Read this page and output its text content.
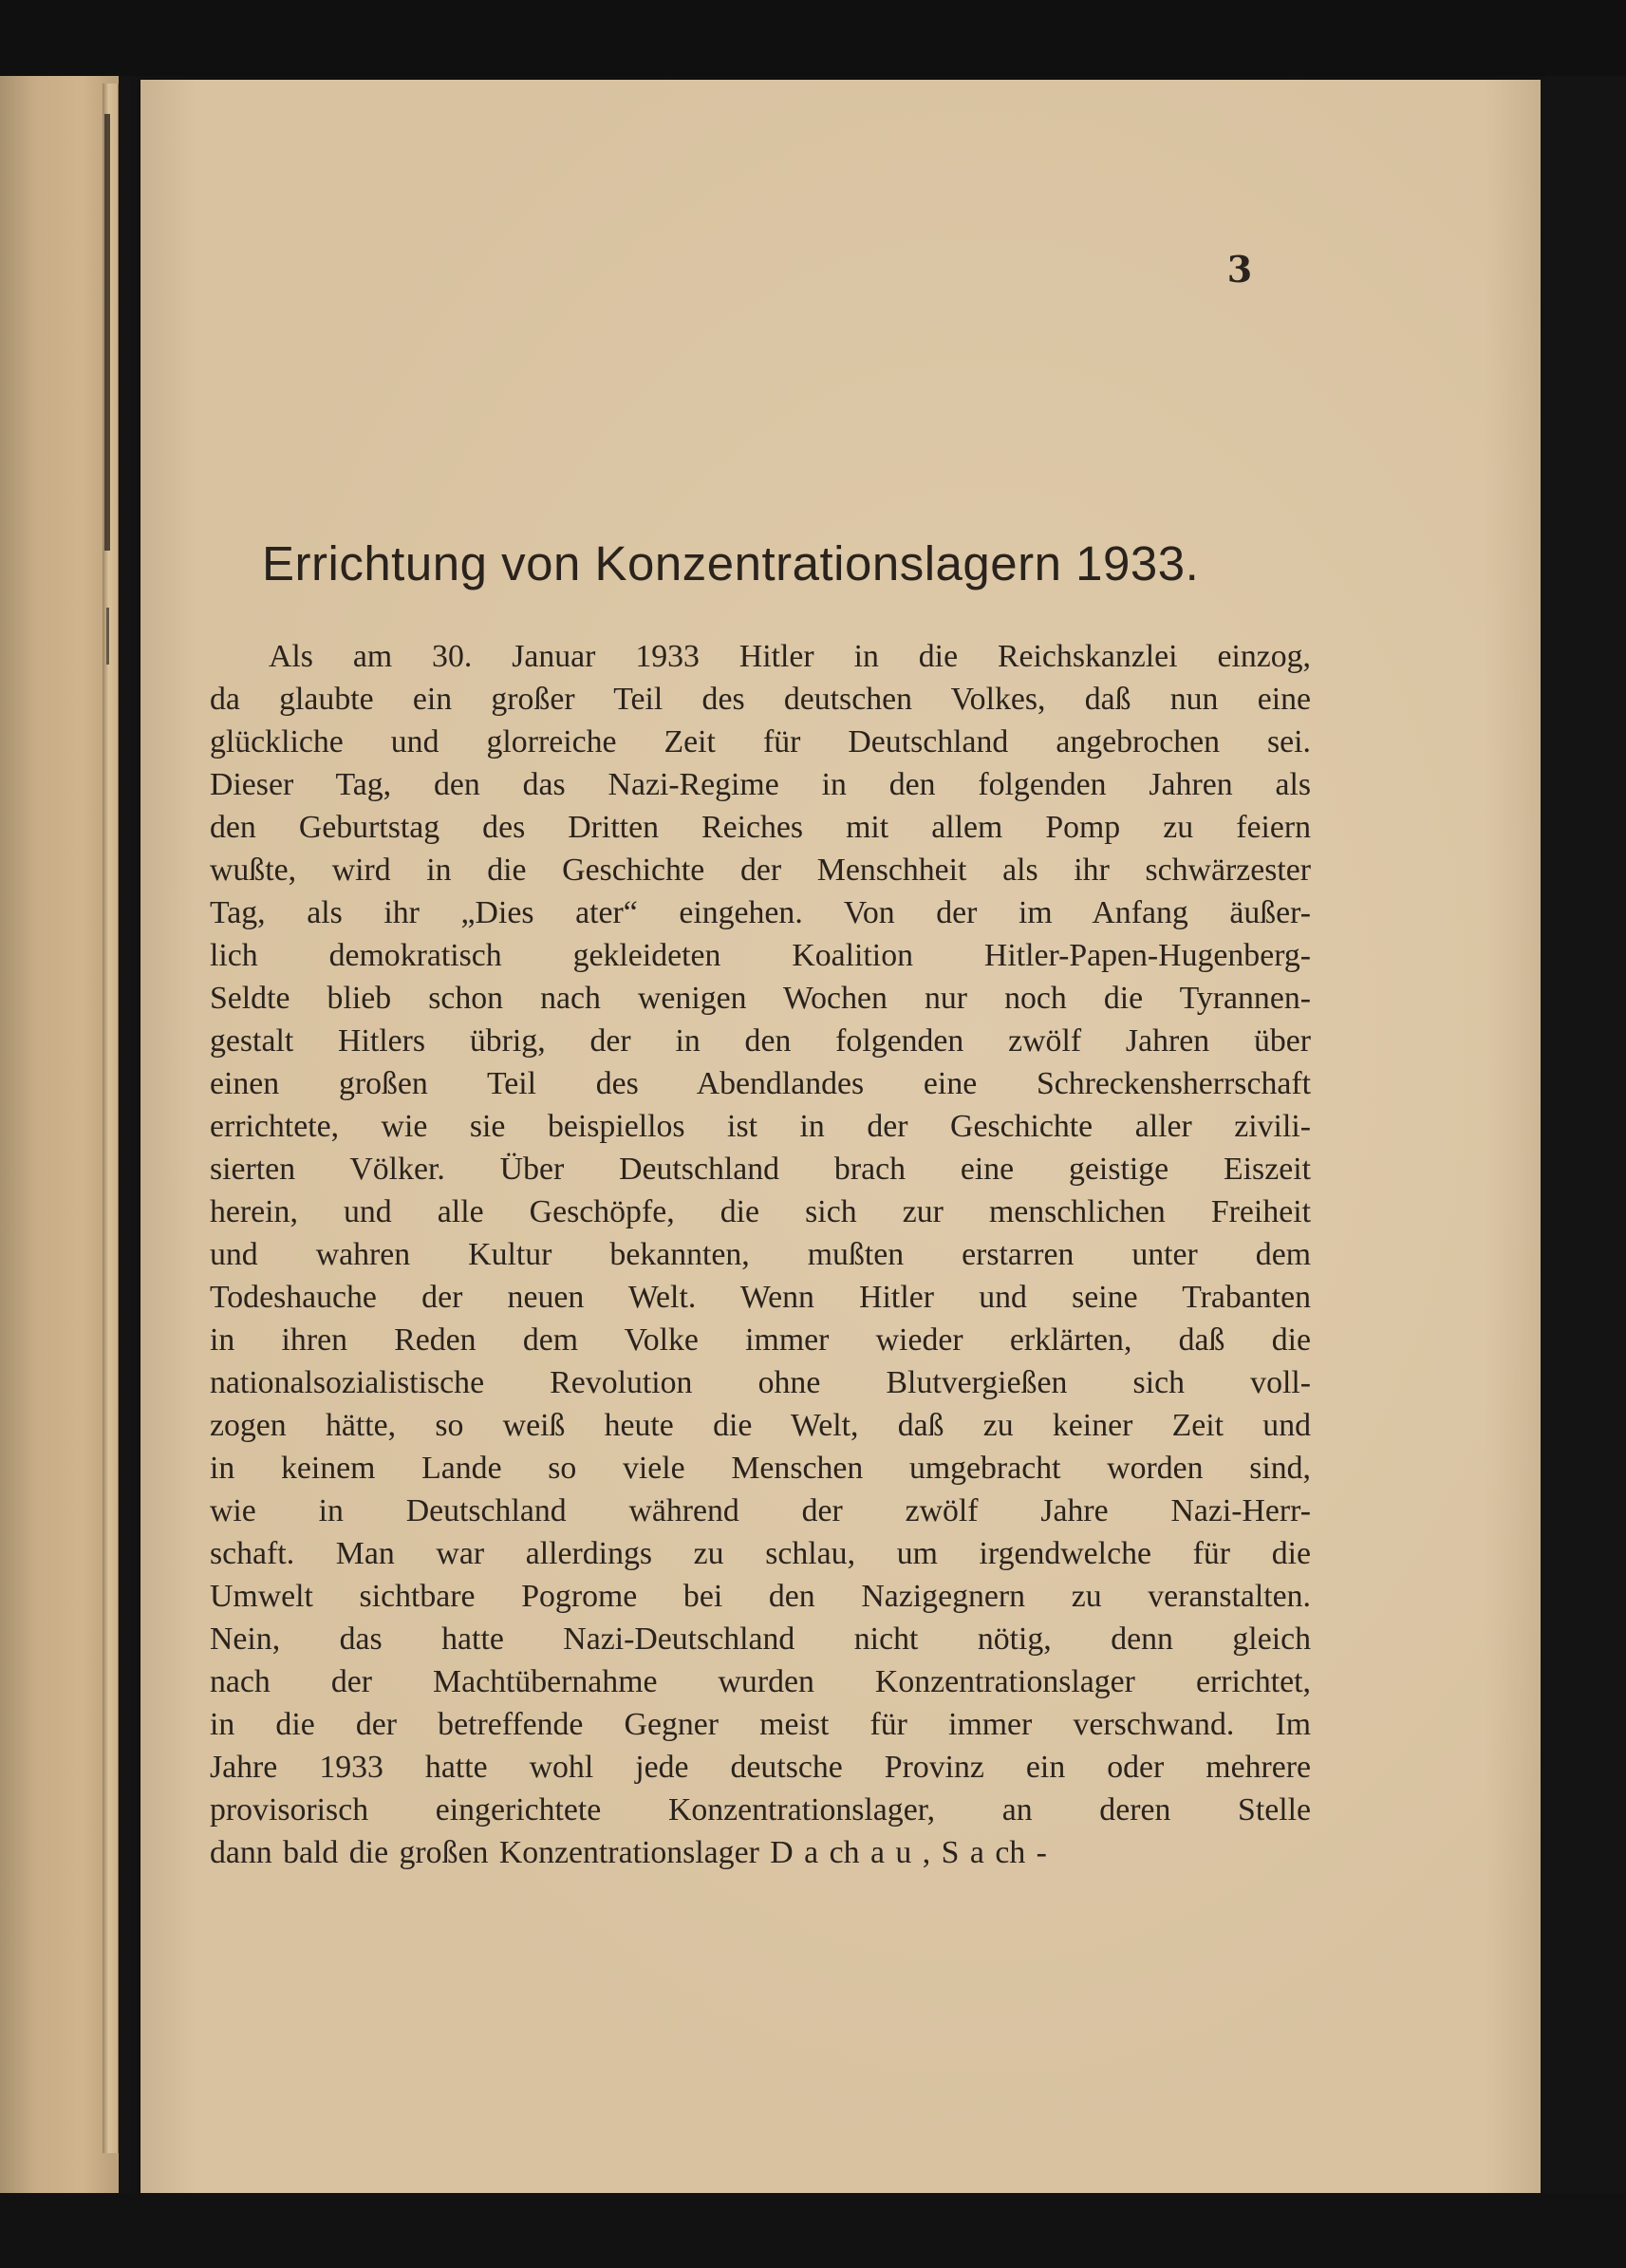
3
Errichtung von Konzentrationslagern 1933.
Als am 30. Januar 1933 Hitler in die Reichskanzlei einzog,
da glaubte ein großer Teil des deutschen Volkes, daß nun eine
glückliche und glorreiche Zeit für Deutschland angebrochen sei.
Dieser Tag, den das Nazi-Regime in den folgenden Jahren als
den Geburtstag des Dritten Reiches mit allem Pomp zu feiern
wußte, wird in die Geschichte der Menschheit als ihr schwärzester
Tag, als ihr „Dies ater“ eingehen. Von der im Anfang äußer-
lich demokratisch gekleideten Koalition Hitler-Papen-Hugenberg-
Seldte blieb schon nach wenigen Wochen nur noch die Tyrannen-
gestalt Hitlers übrig, der in den folgenden zwölf Jahren über
einen großen Teil des Abendlandes eine Schreckensherrschaft
errichtete, wie sie beispiellos ist in der Geschichte aller zivili-
sierten Völker. Über Deutschland brach eine geistige Eiszeit
herein, und alle Geschöpfe, die sich zur menschlichen Freiheit
und wahren Kultur bekannten, mußten erstarren unter dem
Todeshauche der neuen Welt. Wenn Hitler und seine Trabanten
in ihren Reden dem Volke immer wieder erklärten, daß die
nationalsozialistische Revolution ohne Blutvergießen sich voll-
zogen hätte, so weiß heute die Welt, daß zu keiner Zeit und
in keinem Lande so viele Menschen umgebracht worden sind,
wie in Deutschland während der zwölf Jahre Nazi-Herr-
schaft. Man war allerdings zu schlau, um irgendwelche für die
Umwelt sichtbare Pogrome bei den Nazigegnern zu veranstalten.
Nein, das hatte Nazi-Deutschland nicht nötig, denn gleich
nach der Machtübernahme wurden Konzentrationslager errichtet,
in die der betreffende Gegner meist für immer verschwand. Im
Jahre 1933 hatte wohl jede deutsche Provinz ein oder mehrere
provisorisch eingerichtete Konzentrationslager, an deren Stelle
dann bald die großen Konzentrationslager D a ch a u , S a ch -
